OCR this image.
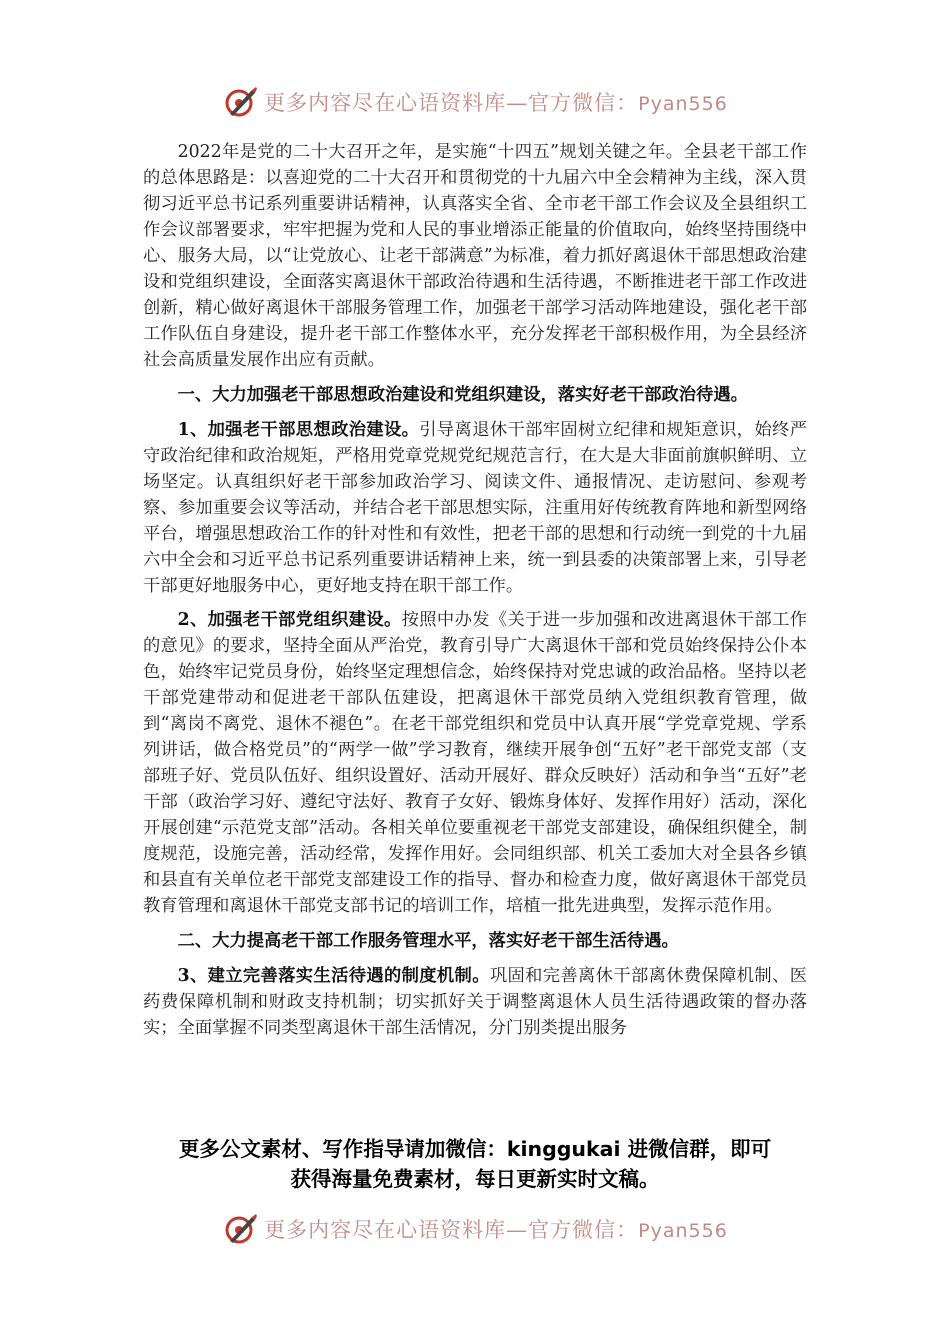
更多内容尽在心语资料库—官方微信：Pyan556

2022年是党的二十大召开之年，是实施“十四五”规划关键之年。全县老干部工作的总体思路是：以喜迎党的二十大召开和贯彻党的十九届六中全会精神为主线，深入贯彻习近平总书记系列重要讲话精神，认真落实全省、全市老干部工作会议及全县组织工作会议部署要求，牢牢把握为党和人民的事业增添正能量的价值取向，始终坚持围绕中心、服务大局，以“让党放心、让老干部满意”为标准，着力抓好离退休干部思想政治建设和党组织建设，全面落实离退休干部政治待遇和生活待遇，不断推进老干部工作改进创新，精心做好离退休干部服务管理工作，加强老干部学习活动阵地建设，强化老干部工作队伍自身建设，提升老干部工作整体水平，充分发挥老干部积极作用，为全县经济社会高质量发展作出应有贡献。

一、大力加强老干部思想政治建设和党组织建设，落实好老干部政治待遇。

1、加强老干部思想政治建设。引导离退休干部牢固树立纪律和规矩意识，始终严守政治纪律和政治规矩，严格用党章党规党纪规范言行，在大是大非面前旗帜鲜明、立场坚定。认真组织好老干部参加政治学习、阅读文件、通报情况、走访慰问、参观考察、参加重要会议等活动，并结合老干部思想实际，注重用好传统教育阵地和新型网络平台，增强思想政治工作的针对性和有效性，把老干部的思想和行动统一到党的十九届六中全会和习近平总书记系列重要讲话精神上来，统一到县委的决策部署上来，引导老干部更好地服务中心，更好地支持在职干部工作。

2、加强老干部党组织建设。按照中办发《关于进一步加强和改进离退休干部工作的意见》的要求，坚持全面从严治党，教育引导广大离退休干部和党员始终保持公仆本色，始终牢记党员身份，始终坚定理想信念，始终保持对党忠诚的政治品格。坚持以老干部党建带动和促进老干部队伍建设，把离退休干部党员纳入党组织教育管理，做到“离岗不离党、退休不褪色”。在老干部党组织和党员中认真开展“学党章党规、学系列讲话，做合格党员”的“两学一做”学习教育，继续开展争创“五好”老干部党支部（支部班子好、党员队伍好、组织设置好、活动开展好、群众反映好）活动和争当“五好”老干部（政治学习好、遵纪守法好、教育子女好、锻炼身体好、发挥作用好）活动，深化开展创建“示范党支部”活动。各相关单位要重视老干部党支部建设，确保组织健全，制度规范，设施完善，活动经常，发挥作用好。会同组织部、机关工委加大对全县各乡镇和县直有关单位老干部党支部建设工作的指导、督办和检查力度，做好离退休干部党员教育管理和离退休干部党支部书记的培训工作，培植一批先进典型，发挥示范作用。

二、大力提高老干部工作服务管理水平，落实好老干部生活待遇。

3、建立完善落实生活待遇的制度机制。巩固和完善离休干部离休费保障机制、医药费保障机制和财政支持机制；切实抓好关于调整离退休人员生活待遇政策的督办落实；全面掌握不同类型离退休干部生活情况，分门别类提出服务

更多公文素材、写作指导请加微信：kinggukai 进微信群，即可
获得海量免费素材，每日更新实时文稿。
更多内容尽在心语资料库—官方微信：Pyan556
